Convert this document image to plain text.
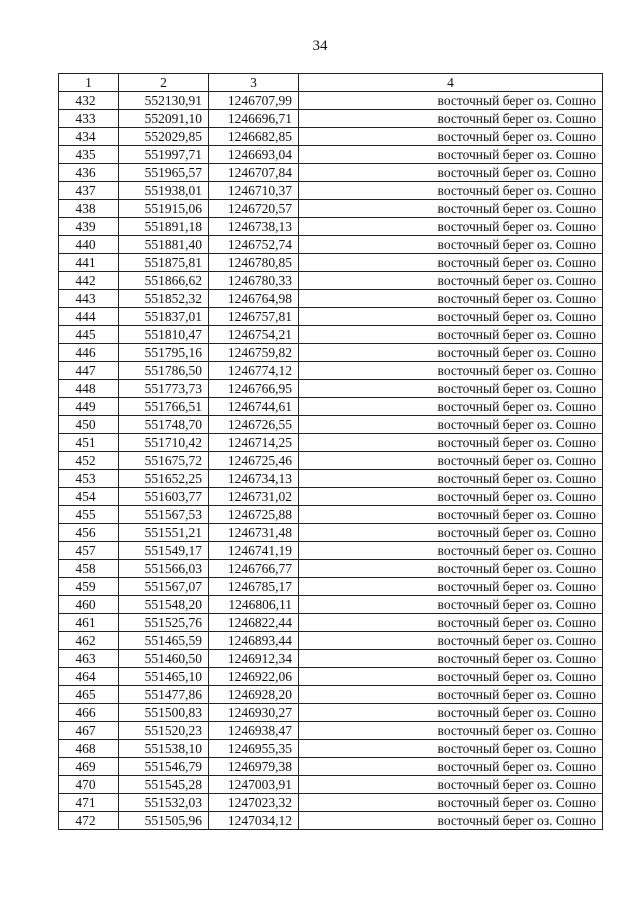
34
1	2	3	4
432	552130,91	1246707,99	восточный берег оз. Сошно
433	552091,10	1246696,71	восточный берег оз. Сошно
434	552029,85	1246682,85	восточный берег оз. Сошно
435	551997,71	1246693,04	восточный берег оз. Сошно
436	551965,57	1246707,84	восточный берег оз. Сошно
437	551938,01	1246710,37	восточный берег оз. Сошно
438	551915,06	1246720,57	восточный берег оз. Сошно
439	551891,18	1246738,13	восточный берег оз. Сошно
440	551881,40	1246752,74	восточный берег оз. Сошно
441	551875,81	1246780,85	восточный берег оз. Сошно
442	551866,62	1246780,33	восточный берег оз. Сошно
443	551852,32	1246764,98	восточный берег оз. Сошно
444	551837,01	1246757,81	восточный берег оз. Сошно
445	551810,47	1246754,21	восточный берег оз. Сошно
446	551795,16	1246759,82	восточный берег оз. Сошно
447	551786,50	1246774,12	восточный берег оз. Сошно
448	551773,73	1246766,95	восточный берег оз. Сошно
449	551766,51	1246744,61	восточный берег оз. Сошно
450	551748,70	1246726,55	восточный берег оз. Сошно
451	551710,42	1246714,25	восточный берег оз. Сошно
452	551675,72	1246725,46	восточный берег оз. Сошно
453	551652,25	1246734,13	восточный берег оз. Сошно
454	551603,77	1246731,02	восточный берег оз. Сошно
455	551567,53	1246725,88	восточный берег оз. Сошно
456	551551,21	1246731,48	восточный берег оз. Сошно
457	551549,17	1246741,19	восточный берег оз. Сошно
458	551566,03	1246766,77	восточный берег оз. Сошно
459	551567,07	1246785,17	восточный берег оз. Сошно
460	551548,20	1246806,11	восточный берег оз. Сошно
461	551525,76	1246822,44	восточный берег оз. Сошно
462	551465,59	1246893,44	восточный берег оз. Сошно
463	551460,50	1246912,34	восточный берег оз. Сошно
464	551465,10	1246922,06	восточный берег оз. Сошно
465	551477,86	1246928,20	восточный берег оз. Сошно
466	551500,83	1246930,27	восточный берег оз. Сошно
467	551520,23	1246938,47	восточный берег оз. Сошно
468	551538,10	1246955,35	восточный берег оз. Сошно
469	551546,79	1246979,38	восточный берег оз. Сошно
470	551545,28	1247003,91	восточный берег оз. Сошно
471	551532,03	1247023,32	восточный берег оз. Сошно
472	551505,96	1247034,12	восточный берег оз. Сошно
